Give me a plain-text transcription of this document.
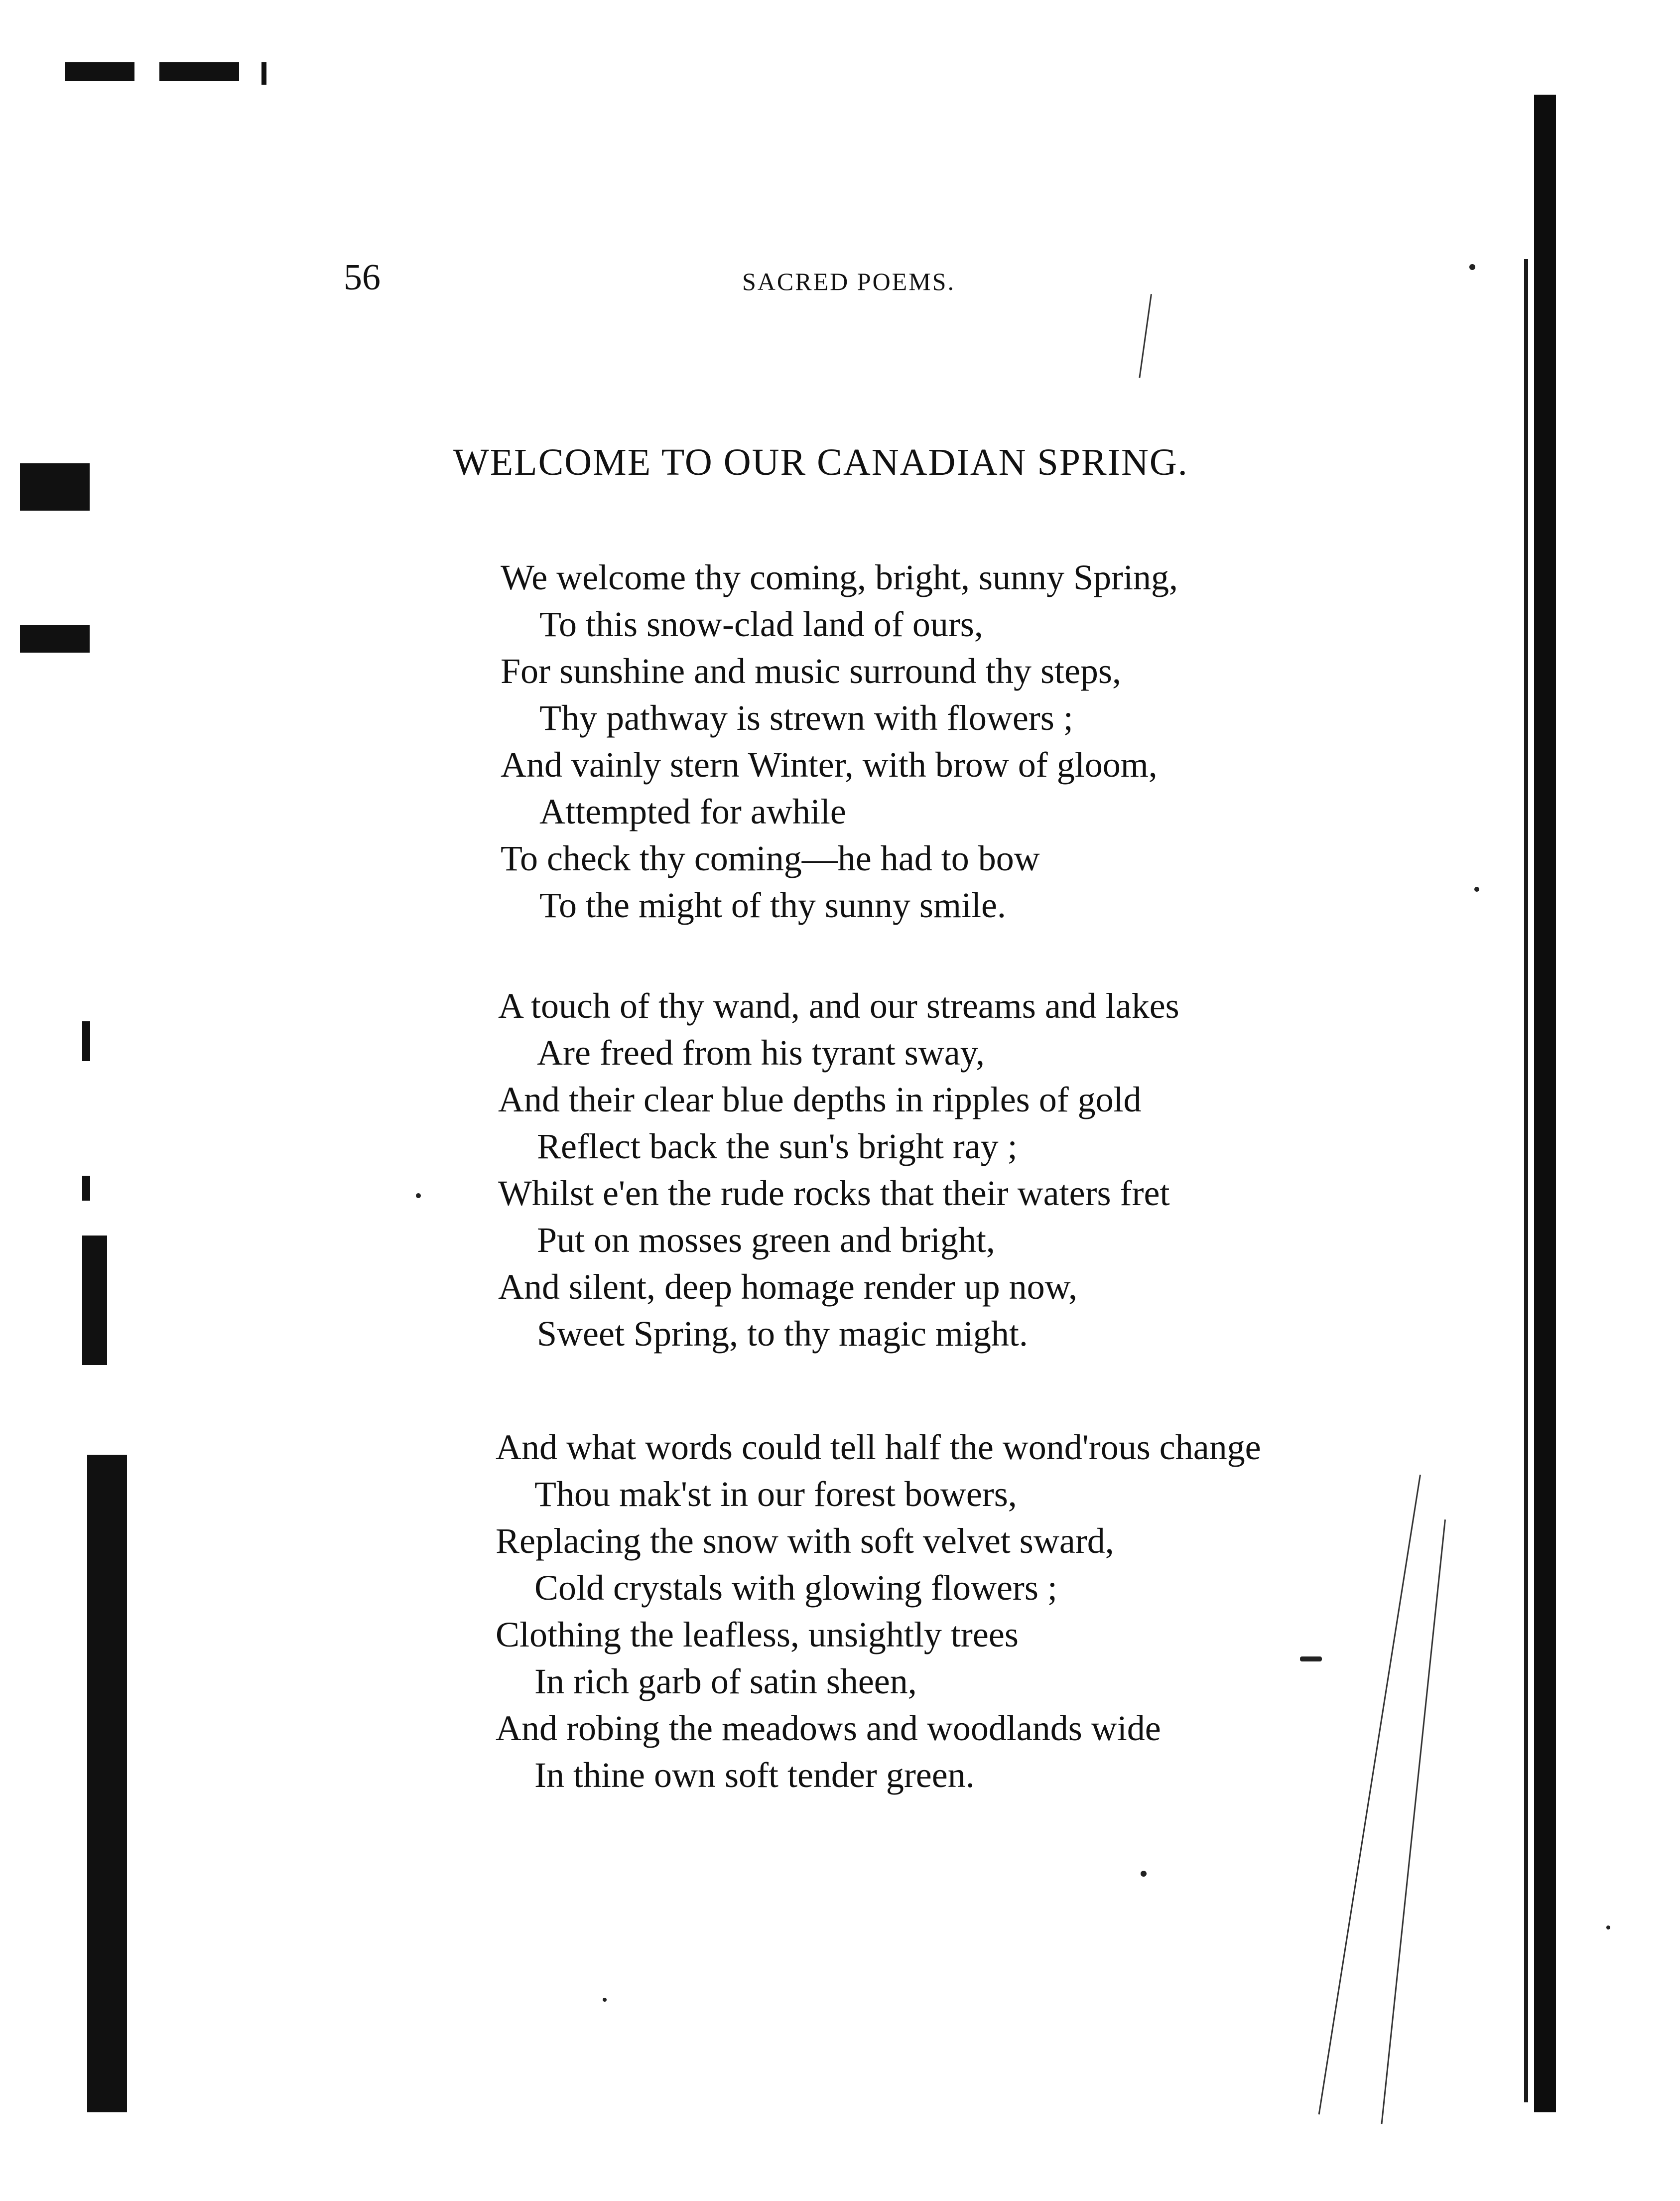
56	SACRED POEMS.
WELCOME TO OUR CANADIAN SPRING.
We welcome thy coming, bright, sunny Spring,
To this snow-clad land of ours,
For sunshine and music surround thy steps,
Thy pathway is strewn with flowers ;
And vainly stern Winter, with brow of gloom,
Attempted for awhile
To check thy coming—he had to bow
To the might of thy sunny smile.
A touch of thy wand, and our streams and lakes
Are freed from his tyrant sway,
And their clear blue depths in ripples of gold
Reflect back the sun's bright ray ;
Whilst e'en the rude rocks that their waters fret
Put on mosses green and bright,
And silent, deep homage render up now,
Sweet Spring, to thy magic might.
And what words could tell half the wond'rous change
Thou mak'st in our forest bowers,
Replacing the snow with soft velvet sward,
Cold crystals with glowing flowers ;
Clothing the leafless, unsightly trees
In rich garb of satin sheen,
And robing the meadows and woodlands wide
In thine own soft tender green.
